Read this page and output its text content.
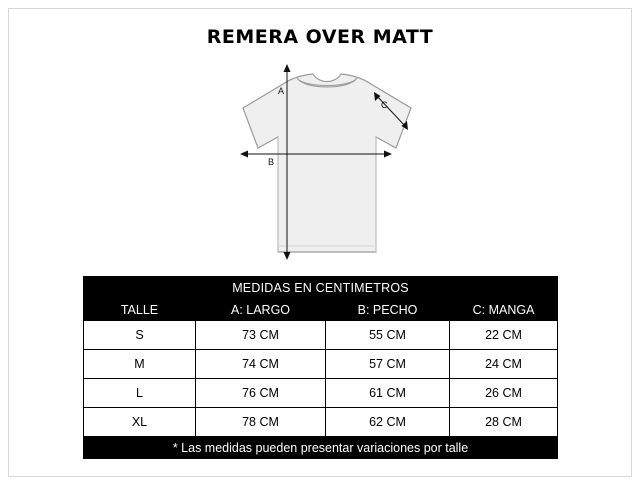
REMERA OVER MATT
A
B
C
MEDIDAS EN CENTIMETROS			
TALLE	A: LARGO	B: PECHO	C: MANGA
S	73 CM	55 CM	22 CM
M	74 CM	57 CM	24 CM
L	76 CM	61 CM	26 CM
XL	78 CM	62 CM	28 CM
* Las medidas pueden presentar variaciones por talle			
